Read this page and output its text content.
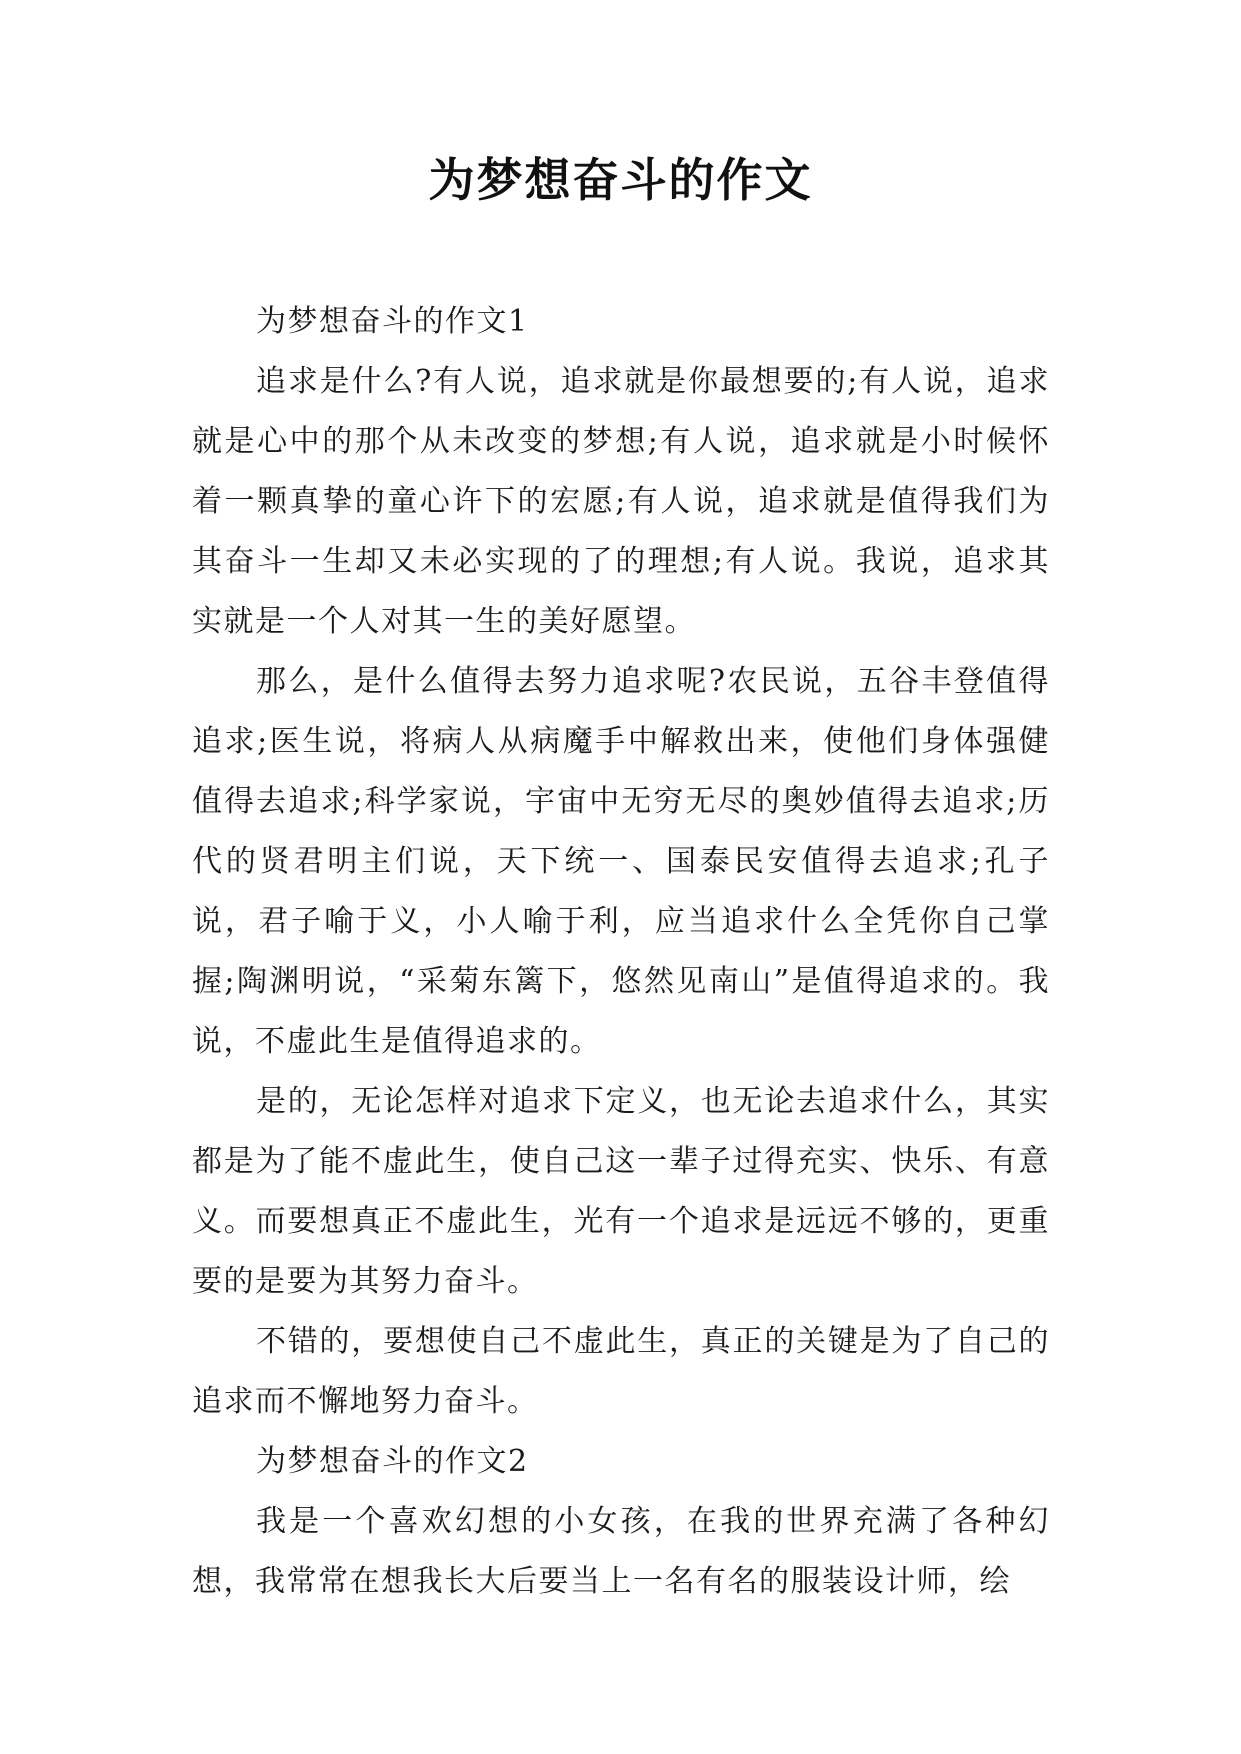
为梦想奋斗的作文

为梦想奋斗的作文1

追求是什么?有人说，追求就是你最想要的;有人说，追求就是心中的那个从未改变的梦想;有人说，追求就是小时候怀着一颗真挚的童心许下的宏愿;有人说，追求就是值得我们为其奋斗一生却又未必实现的了的理想;有人说。我说，追求其实就是一个人对其一生的美好愿望。

那么，是什么值得去努力追求呢?农民说，五谷丰登值得追求;医生说，将病人从病魔手中解救出来，使他们身体强健值得去追求;科学家说，宇宙中无穷无尽的奥妙值得去追求;历代的贤君明主们说，天下统一、国泰民安值得去追求;孔子说，君子喻于义，小人喻于利，应当追求什么全凭你自己掌握;陶渊明说，“采菊东篱下，悠然见南山”是值得追求的。我说，不虚此生是值得追求的。

是的，无论怎样对追求下定义，也无论去追求什么，其实都是为了能不虚此生，使自己这一辈子过得充实、快乐、有意义。而要想真正不虚此生，光有一个追求是远远不够的，更重要的是要为其努力奋斗。

不错的，要想使自己不虚此生，真正的关键是为了自己的追求而不懈地努力奋斗。

为梦想奋斗的作文2

我是一个喜欢幻想的小女孩，在我的世界充满了各种幻想，我常常在想我长大后要当上一名有名的服装设计师，绘
